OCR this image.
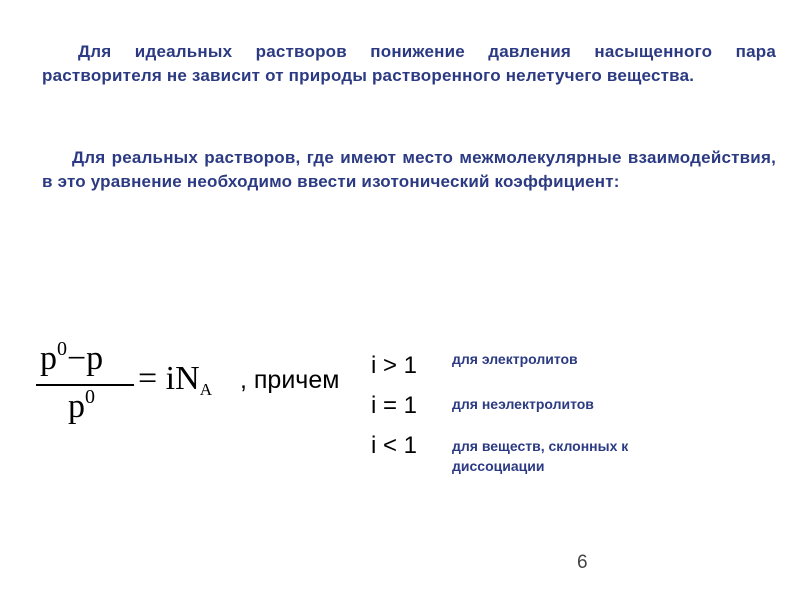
Для идеальных растворов понижение давления насыщенного пара растворителя не зависит от природы растворенного нелетучего вещества.
Для реальных растворов, где имеют место межмолекулярные взаимодействия, в это уравнение необходимо ввести изотонический коэффициент:
$p^0-p$
$p^0 = iN_A$ , причем
i > 1
i = 1
i < 1
для электролитов
для неэлектролитов
для веществ, склонных к диссоциации
6
